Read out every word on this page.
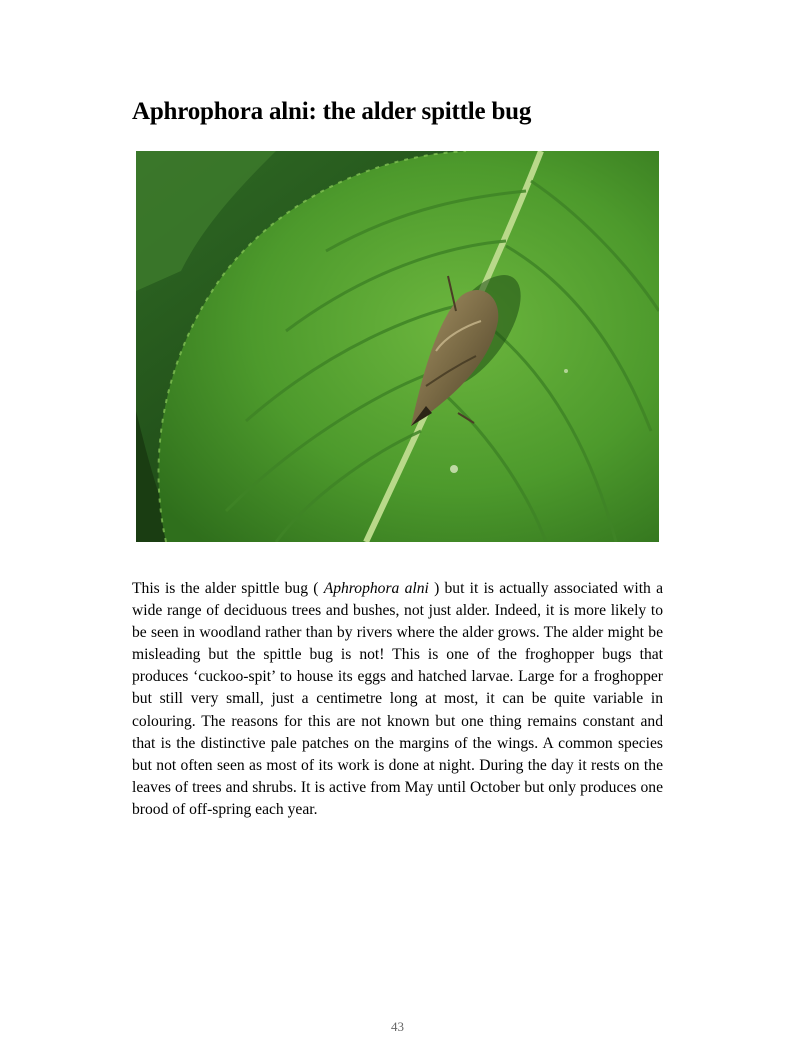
Aphrophora alni: the alder spittle bug

This is the alder spittle bug ( Aphrophora alni ) but it is actually associated with a wide range of deciduous trees and bushes, not just alder. Indeed, it is more likely to be seen in woodland rather than by rivers where the alder grows. The alder might be misleading but the spittle bug is not! This is one of the froghopper bugs that produces ‘cuckoo-spit’ to house its eggs and hatched larvae. Large for a froghopper but still very small, just a centimetre long at most, it can be quite variable in colouring. The reasons for this are not known but one thing remains constant and that is the distinctive pale patches on the margins of the wings. A common species but not often seen as most of its work is done at night. During the day it rests on the leaves of trees and shrubs. It is active from May until October but only produces one brood of off-spring each year.

43
